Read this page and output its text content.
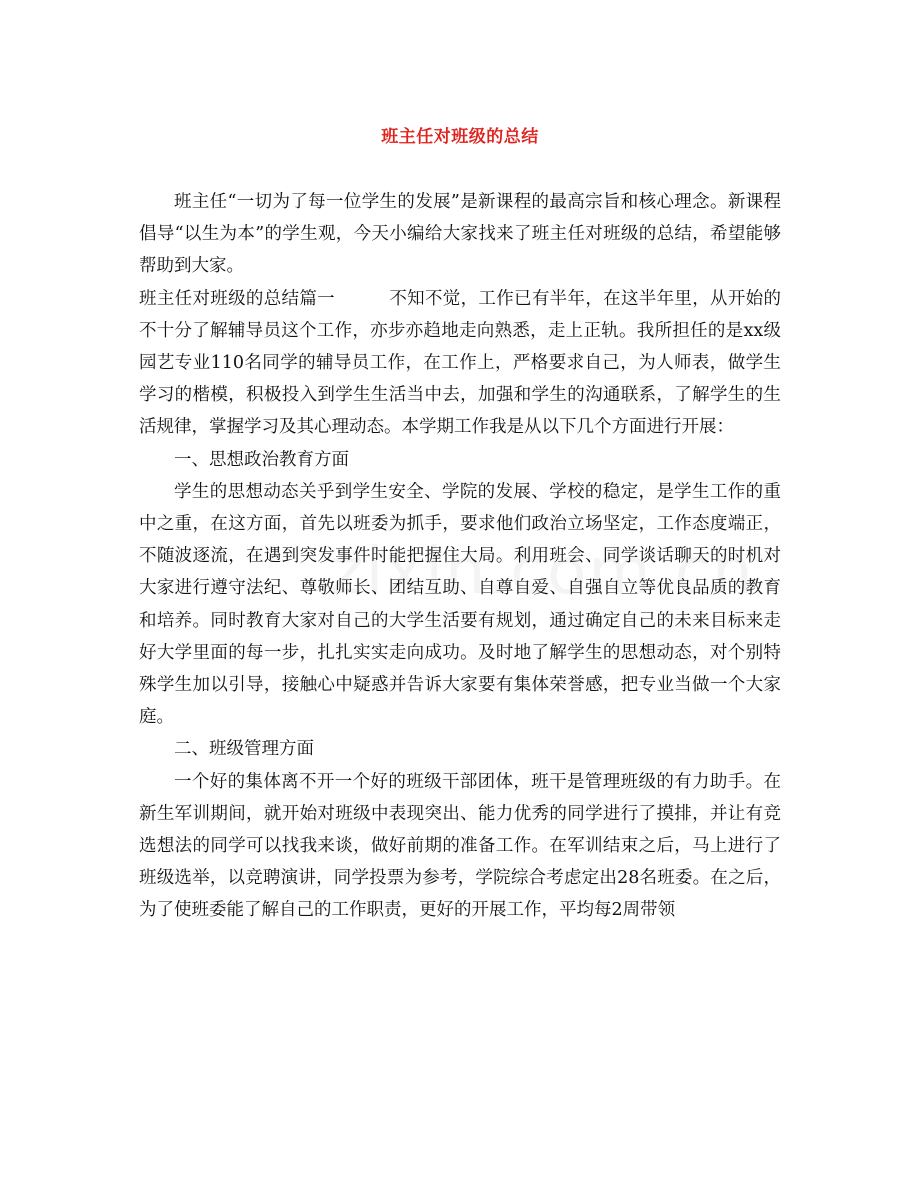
班主任对班级的总结

班主任“一切为了每一位学生的发展”是新课程的最高宗旨和核心理念。新课程倡导“以生为本”的学生观，今天小编给大家找来了班主任对班级的总结，希望能够帮助到大家。

班主任对班级的总结篇一	不知不觉，工作已有半年，在这半年里，从开始的不十分了解辅导员这个工作，亦步亦趋地走向熟悉，走上正轨。我所担任的是xx级园艺专业110名同学的辅导员工作，在工作上，严格要求自己，为人师表，做学生学习的楷模，积极投入到学生生活当中去，加强和学生的沟通联系，了解学生的生活规律，掌握学习及其心理动态。本学期工作我是从以下几个方面进行开展：

一、思想政治教育方面

学生的思想动态关乎到学生安全、学院的发展、学校的稳定，是学生工作的重中之重，在这方面，首先以班委为抓手，要求他们政治立场坚定，工作态度端正，不随波逐流，在遇到突发事件时能把握住大局。利用班会、同学谈话聊天的时机对大家进行遵守法纪、尊敬师长、团结互助、自尊自爱、自强自立等优良品质的教育和培养。同时教育大家对自己的大学生活要有规划，通过确定自己的未来目标来走好大学里面的每一步，扎扎实实走向成功。及时地了解学生的思想动态，对个别特殊学生加以引导，接触心中疑惑并告诉大家要有集体荣誉感，把专业当做一个大家庭。

二、班级管理方面

一个好的集体离不开一个好的班级干部团体，班干是管理班级的有力助手。在新生军训期间，就开始对班级中表现突出、能力优秀的同学进行了摸排，并让有竞选想法的同学可以找我来谈，做好前期的准备工作。在军训结束之后，马上进行了班级选举，以竞聘演讲，同学投票为参考，学院综合考虑定出28名班委。在之后，为了使班委能了解自己的工作职责，更好的开展工作，平均每2周带领
